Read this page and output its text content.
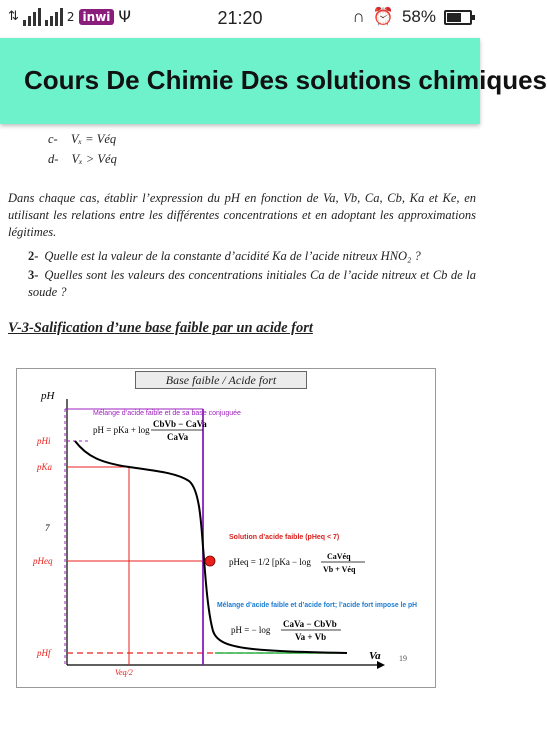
⇅	2 inwi Ψ	21:20	∩ ⏰ 58%
Cours De Chimie Des solutions chimiques
c- Vₓ = Véq
d- Vₓ > Véq
Dans chaque cas, établir l’expression du pH en fonction de Va, Vb, Ca, Cb, Ka et Ke, en utilisant les relations entre les différentes concentrations et en adoptant les approximations légitimes.
2- Quelle est la valeur de la constante d’acidité Ka de l’acide nitreux HNO₂ ?
3- Quelles sont les valeurs des concentrations initiales Ca de l’acide nitreux et Cb de la soude ?
V-3-Salification d’une base faible par un acide fort
pH
Va
pHi
pKa
7
pHeq
pHf
Veq/2
19
Mélange d’acide faible et de sa base conjuguée
pH = pKa + log
CbVb − CaVa
CaVa
Solution d’acide faible (pHeq < 7)
pHeq = 1/2 [pKa − log
CaVéq
Vb + Véq
Mélange d’acide faible et d’acide fort; l’acide fort impose le pH
pH = − log
CaVa − CbVb
Va + Vb
Base faible / Acide fort
